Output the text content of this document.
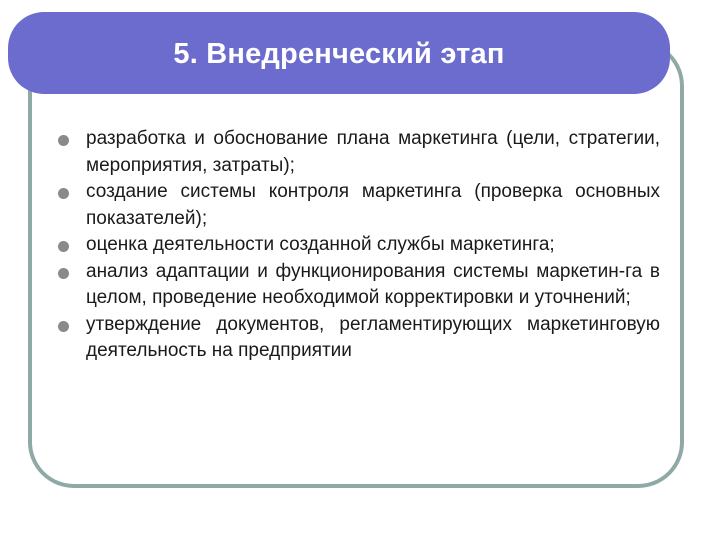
5. Внедренческий этап
разработка и обоснование плана маркетинга (цели, стратегии, мероприятия, затраты);
создание системы контроля маркетинга (проверка основных показателей);
оценка деятельности созданной службы маркетинга;
анализ адаптации и функционирования системы маркетин-га в целом, проведение необходимой корректировки и уточнений;
утверждение документов, регламентирующих маркетинговую деятельность на предприятии
